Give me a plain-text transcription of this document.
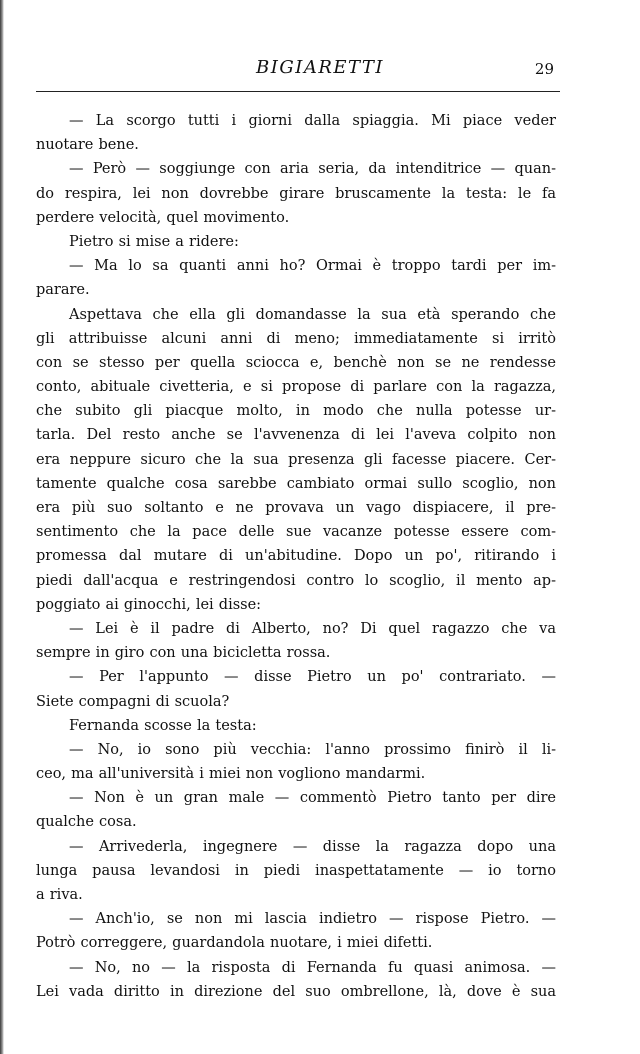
BIGIARETTI	29
— La scorgo tutti i giorni dalla spiaggia. Mi piace veder
nuotare bene.
— Però — soggiunge con aria seria, da intenditrice — quan-
do respira, lei non dovrebbe girare bruscamente la testa: le fa
perdere velocità, quel movimento.
Pietro si mise a ridere:
— Ma lo sa quanti anni ho? Ormai è troppo tardi per im-
parare.
Aspettava che ella gli domandasse la sua età sperando che
gli attribuisse alcuni anni di meno; immediatamente si irritò
con se stesso per quella sciocca e, benchè non se ne rendesse
conto, abituale civetteria, e si propose di parlare con la ragazza,
che subito gli piacque molto, in modo che nulla potesse ur-
tarla. Del resto anche se l'avvenenza di lei l'aveva colpito non
era neppure sicuro che la sua presenza gli facesse piacere. Cer-
tamente qualche cosa sarebbe cambiato ormai sullo scoglio, non
era più suo soltanto e ne provava un vago dispiacere, il pre-
sentimento che la pace delle sue vacanze potesse essere com-
promessa dal mutare di un'abitudine. Dopo un po', ritirando i
piedi dall'acqua e restringendosi contro lo scoglio, il mento ap-
poggiato ai ginocchi, lei disse:
— Lei è il padre di Alberto, no? Di quel ragazzo che va
sempre in giro con una bicicletta rossa.
— Per l'appunto — disse Pietro un po' contrariato. —
Siete compagni di scuola?
Fernanda scosse la testa:
— No, io sono più vecchia: l'anno prossimo finirò il li-
ceo, ma all'università i miei non vogliono mandarmi.
— Non è un gran male — commentò Pietro tanto per dire
qualche cosa.
— Arrivederla, ingegnere — disse la ragazza dopo una
lunga pausa levandosi in piedi inaspettatamente — io torno
a riva.
— Anch'io, se non mi lascia indietro — rispose Pietro. —
Potrò correggere, guardandola nuotare, i miei difetti.
— No, no — la risposta di Fernanda fu quasi animosa. —
Lei vada diritto in direzione del suo ombrellone, là, dove è sua
